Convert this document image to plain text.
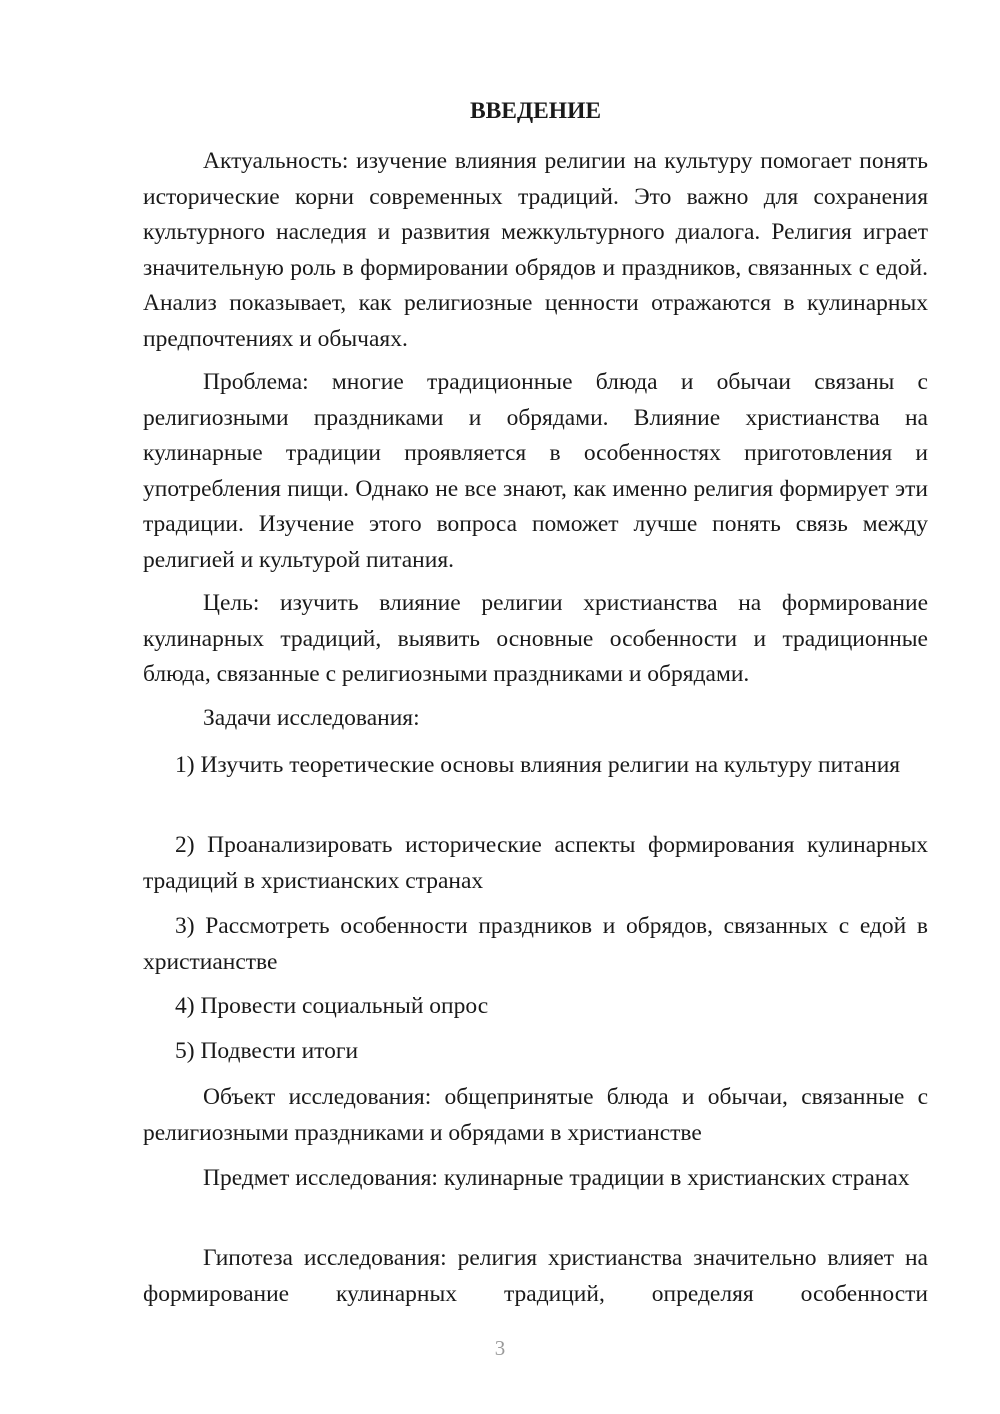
ВВЕДЕНИЕ

Актуальность: изучение влияния религии на культуру помогает понять исторические корни современных традиций. Это важно для сохранения культурного наследия и развития межкультурного диалога. Религия играет значительную роль в формировании обрядов и праздников, связанных с едой. Анализ показывает, как религиозные ценности отражаются в кулинарных предпочтениях и обычаях.

Проблема: многие традиционные блюда и обычаи связаны с религиозными праздниками и обрядами. Влияние христианства на кулинарные традиции проявляется в особенностях приготовления и употребления пищи. Однако не все знают, как именно религия формирует эти традиции. Изучение этого вопроса поможет лучше понять связь между религией и культурой питания.

Цель: изучить влияние религии христианства на формирование кулинарных традиций, выявить основные особенности и традиционные блюда, связанные с религиозными праздниками и обрядами.

Задачи исследования:

1) Изучить теоретические основы влияния религии на культуру питания

2) Проанализировать исторические аспекты формирования кулинарных традиций в христианских странах

3) Рассмотреть особенности праздников и обрядов, связанных с едой в христианстве

4) Провести социальный опрос

5) Подвести итоги

Объект исследования: общепринятые блюда и обычаи, связанные с религиозными праздниками и обрядами в христианстве

Предмет исследования: кулинарные традиции в христианских странах

Гипотеза исследования: религия христианства значительно влияет на формирование кулинарных традиций, определяя особенности

3
